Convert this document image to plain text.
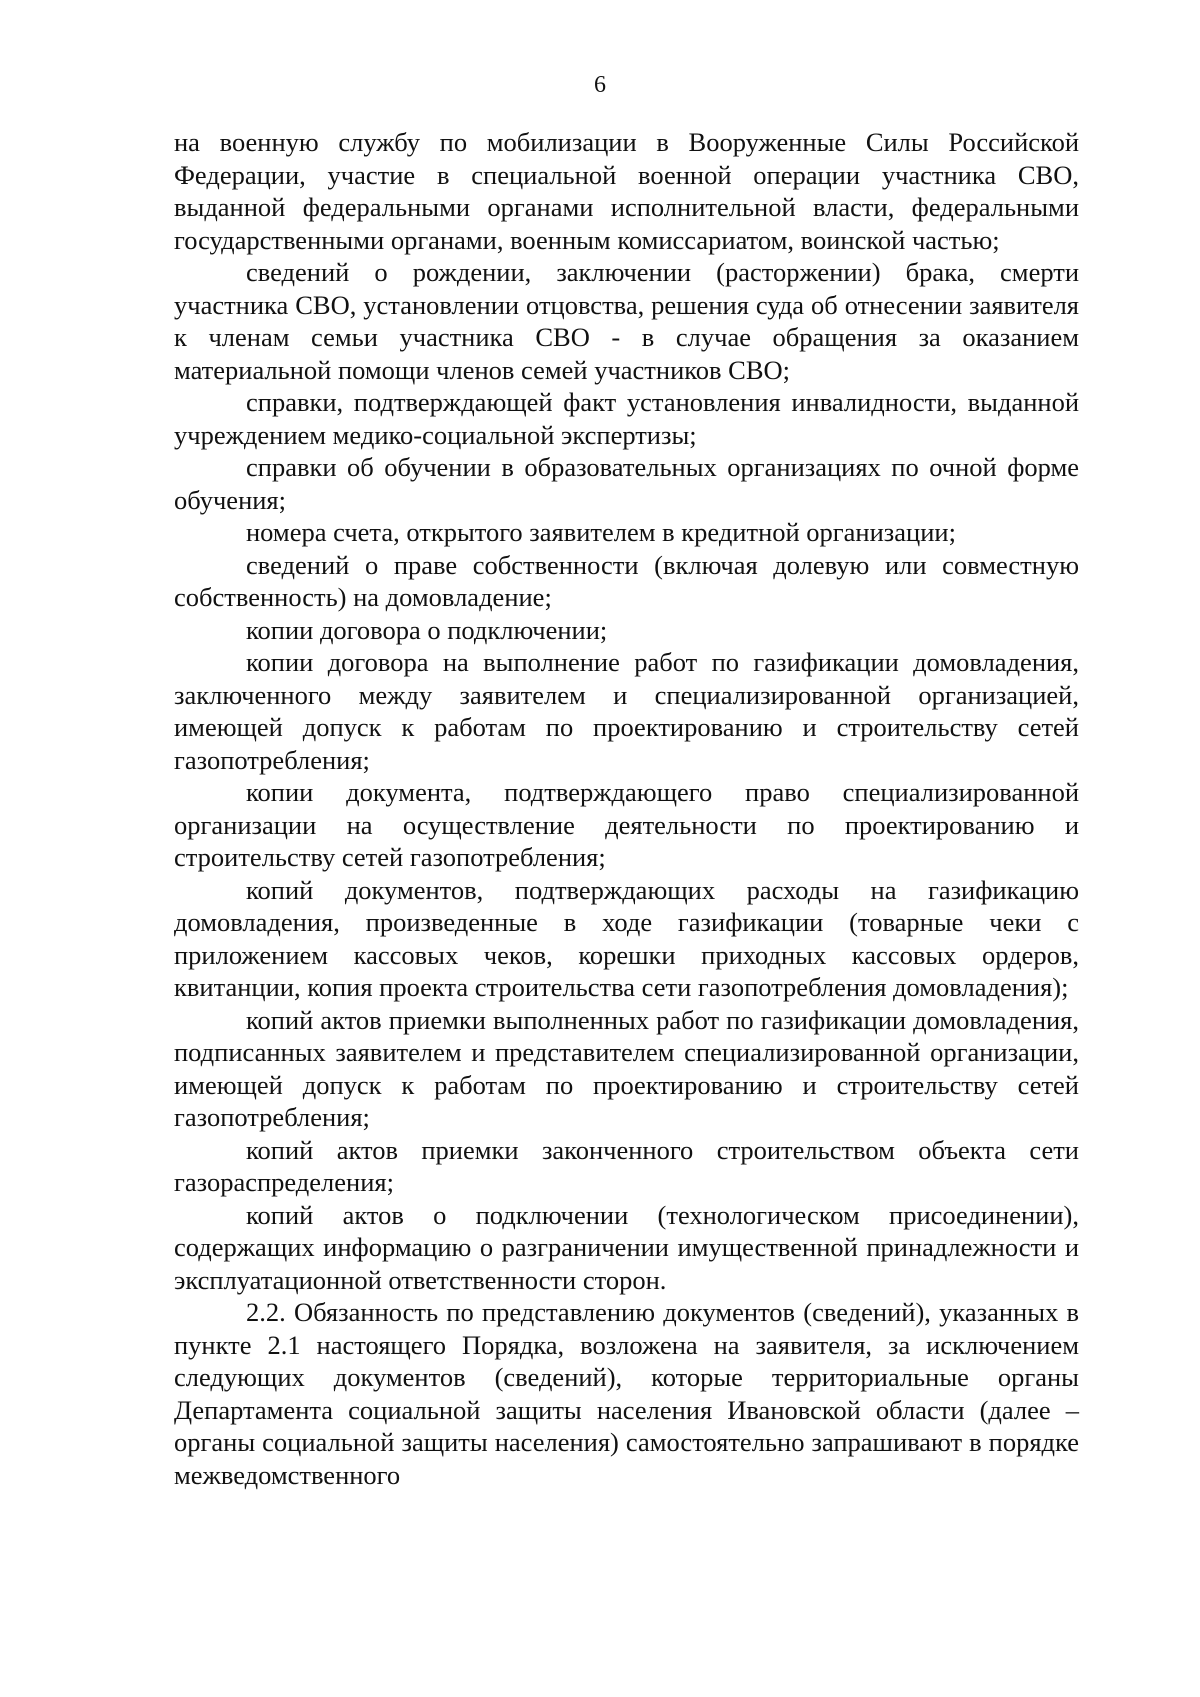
6

на военную службу по мобилизации в Вооруженные Силы Российской Федерации, участие в специальной военной операции участника СВО, выданной федеральными органами исполнительной власти, федеральными государственными органами, военным комиссариатом, воинской частью;

сведений о рождении, заключении (расторжении) брака, смерти участника СВО, установлении отцовства, решения суда об отнесении заявителя к членам семьи участника СВО - в случае обращения за оказанием материальной помощи членов семей участников СВО;

справки, подтверждающей факт установления инвалидности, выданной учреждением медико-социальной экспертизы;

справки об обучении в образовательных организациях по очной форме обучения;

номера счета, открытого заявителем в кредитной организации;

сведений о праве собственности (включая долевую или совместную собственность) на домовладение;

копии договора о подключении;

копии договора на выполнение работ по газификации домовладения, заключенного между заявителем и специализированной организацией, имеющей допуск к работам по проектированию и строительству сетей газопотребления;

копии документа, подтверждающего право специализированной организации на осуществление деятельности по проектированию и строительству сетей газопотребления;

копий документов, подтверждающих расходы на газификацию домовладения, произведенные в ходе газификации (товарные чеки с приложением кассовых чеков, корешки приходных кассовых ордеров, квитанции, копия проекта строительства сети газопотребления домовладения);

копий актов приемки выполненных работ по газификации домовладения, подписанных заявителем и представителем специализированной организации, имеющей допуск к работам по проектированию и строительству сетей газопотребления;

копий актов приемки законченного строительством объекта сети газораспределения;

копий актов о подключении (технологическом присоединении), содержащих информацию о разграничении имущественной принадлежности и эксплуатационной ответственности сторон.

2.2. Обязанность по представлению документов (сведений), указанных в пункте 2.1 настоящего Порядка, возложена на заявителя, за исключением следующих документов (сведений), которые территориальные органы Департамента социальной защиты населения Ивановской области (далее – органы социальной защиты населения) самостоятельно запрашивают в порядке межведомственного
